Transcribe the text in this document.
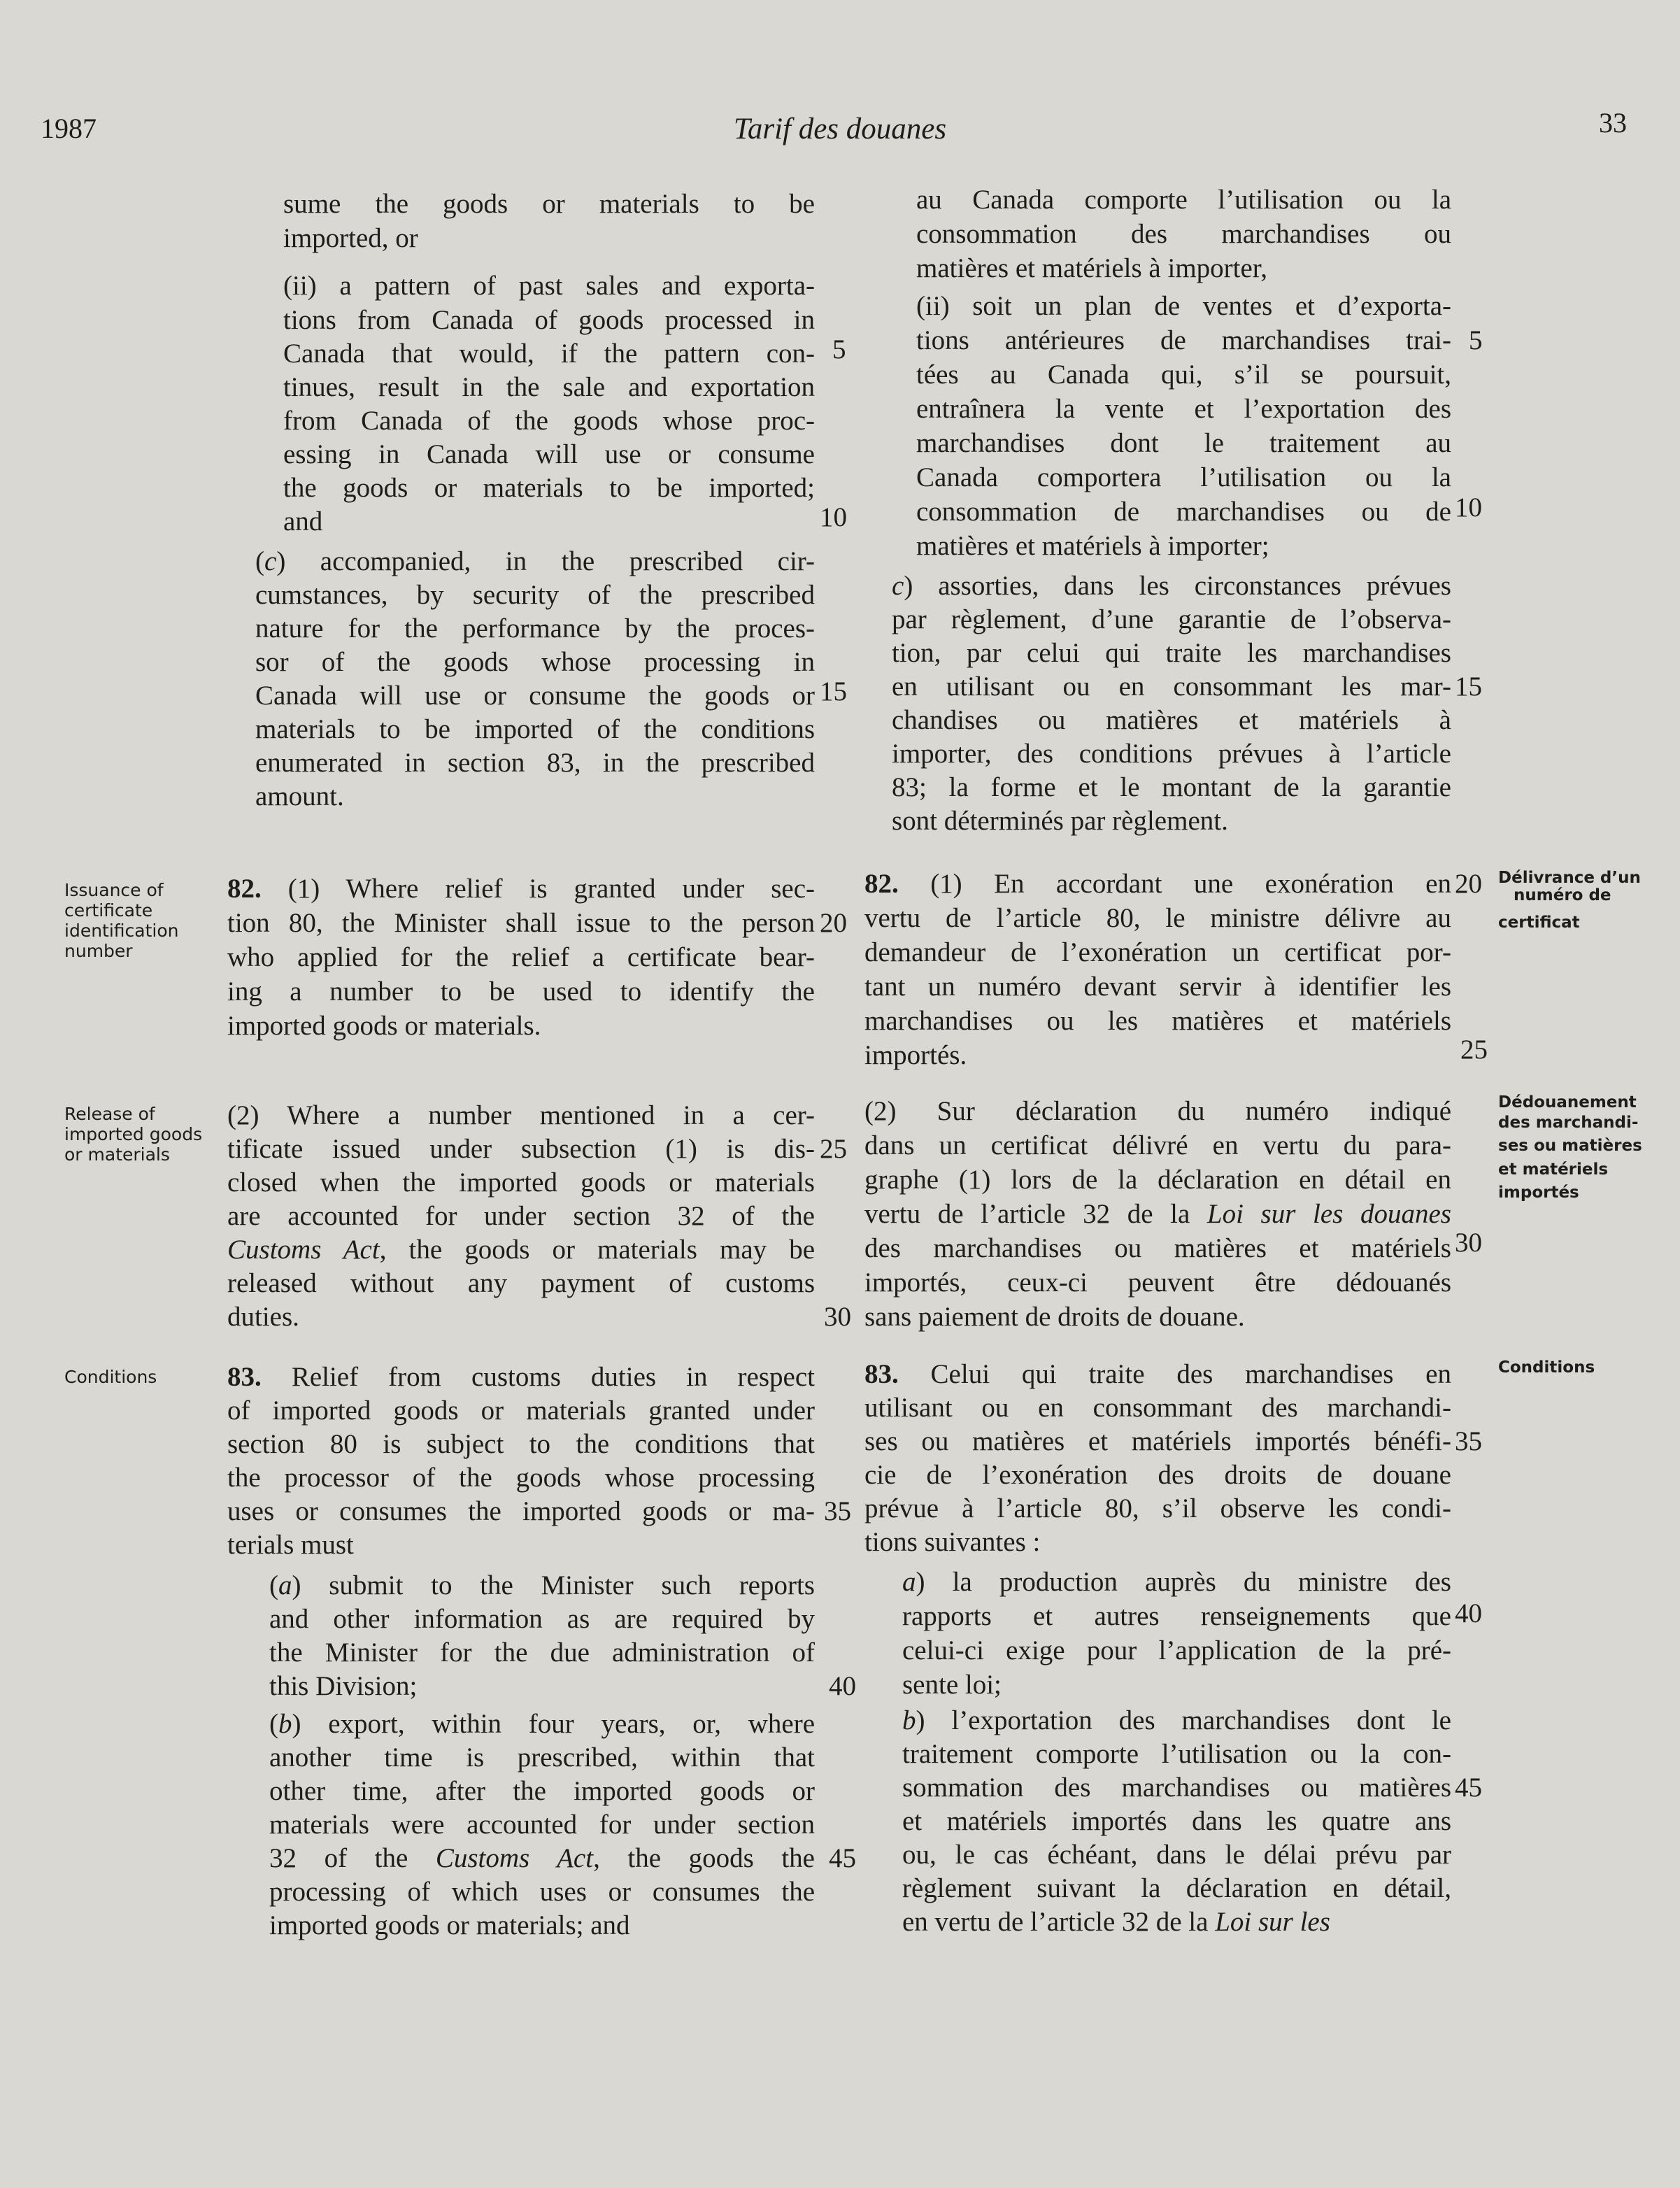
1987	Tarif des douanes	33
sume the goods or materials to be
imported, or
(ii) a pattern of past sales and exporta-
tions from Canada of goods processed in
Canada that would, if the pattern con-
tinues, result in the sale and exportation
from Canada of the goods whose proc-
essing in Canada will use or consume
the goods or materials to be imported;
and
(c) accompanied, in the prescribed cir-
cumstances, by security of the prescribed
nature for the performance by the proces-
sor of the goods whose processing in
Canada will use or consume the goods or
materials to be imported of the conditions
enumerated in section 83, in the prescribed
amount.
82. (1) Where relief is granted under sec-
tion 80, the Minister shall issue to the person
who applied for the relief a certificate bear-
ing a number to be used to identify the
imported goods or materials.
(2) Where a number mentioned in a cer-
tificate issued under subsection (1) is dis-
closed when the imported goods or materials
are accounted for under section 32 of the
Customs Act, the goods or materials may be
released without any payment of customs
duties.
83. Relief from customs duties in respect
of imported goods or materials granted under
section 80 is subject to the conditions that
the processor of the goods whose processing
uses or consumes the imported goods or ma-
terials must
(a) submit to the Minister such reports
and other information as are required by
the Minister for the due administration of
this Division;
(b) export, within four years, or, where
another time is prescribed, within that
other time, after the imported goods or
materials were accounted for under section
32 of the Customs Act, the goods the
processing of which uses or consumes the
imported goods or materials; and
au Canada comporte l’utilisation ou la
consommation des marchandises ou
matières et matériels à importer,
(ii) soit un plan de ventes et d’exporta-
tions antérieures de marchandises trai-
tées au Canada qui, s’il se poursuit,
entraînera la vente et l’exportation des
marchandises dont le traitement au
Canada comportera l’utilisation ou la
consommation de marchandises ou de
matières et matériels à importer;
c) assorties, dans les circonstances prévues
par règlement, d’une garantie de l’observa-
tion, par celui qui traite les marchandises
en utilisant ou en consommant les mar-
chandises ou matières et matériels à
importer, des conditions prévues à l’article
83; la forme et le montant de la garantie
sont déterminés par règlement.
82. (1) En accordant une exonération en
vertu de l’article 80, le ministre délivre au
demandeur de l’exonération un certificat por-
tant un numéro devant servir à identifier les
marchandises ou les matières et matériels
importés.
(2) Sur déclaration du numéro indiqué
dans un certificat délivré en vertu du para-
graphe (1) lors de la déclaration en détail en
vertu de l’article 32 de la Loi sur les douanes
des marchandises ou matières et matériels
importés, ceux-ci peuvent être dédouanés
sans paiement de droits de douane.
83. Celui qui traite des marchandises en
utilisant ou en consommant des marchandi-
ses ou matières et matériels importés bénéfi-
cie de l’exonération des droits de douane
prévue à l’article 80, s’il observe les condi-
tions suivantes :
a) la production auprès du ministre des
rapports et autres renseignements que
celui-ci exige pour l’application de la pré-
sente loi;
b) l’exportation des marchandises dont le
traitement comporte l’utilisation ou la con-
sommation des marchandises ou matières
et matériels importés dans les quatre ans
ou, le cas échéant, dans le délai prévu par
règlement suivant la déclaration en détail,
en vertu de l’article 32 de la Loi sur les
5
10
15
20
25
30
35
40
45
5
10
15
20
25
30
35
40
45
Issuance of
certificate
identification
number
Release of
imported goods
or materials
Conditions
Délivrance d’un
numéro de
certificat
Dédouanement
des marchandi-
ses ou matières
et matériels
importés
Conditions
